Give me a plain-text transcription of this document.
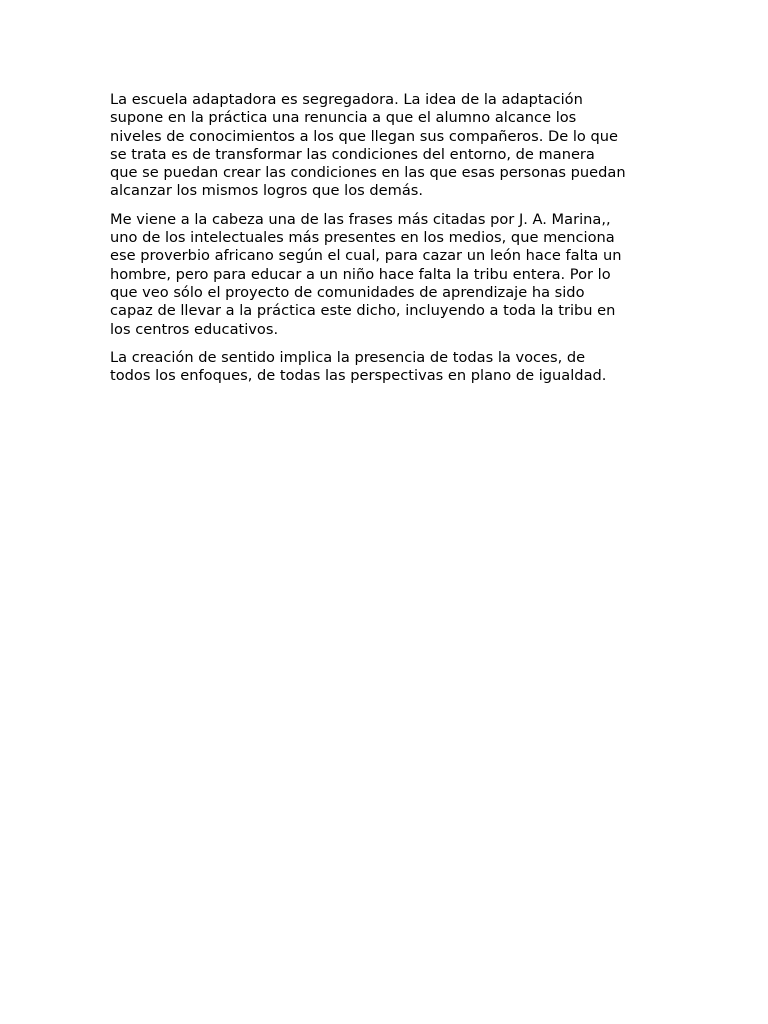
La escuela adaptadora es segregadora. La idea de la adaptación
supone en la práctica una renuncia a que el alumno alcance los
niveles de conocimientos a los que llegan sus compañeros. De lo que
se trata es de transformar las condiciones del entorno, de manera
que se puedan crear las condiciones en las que esas personas puedan
alcanzar los mismos logros que los demás.

Me viene a la cabeza una de las frases más citadas por J. A. Marina,,
uno de los intelectuales más presentes en los medios, que menciona
ese proverbio africano según el cual, para cazar un león hace falta un
hombre, pero para educar a un niño hace falta la tribu entera. Por lo
que veo sólo el proyecto de comunidades de aprendizaje ha sido
capaz de llevar a la práctica este dicho, incluyendo a toda la tribu en
los centros educativos.

La creación de sentido implica la presencia de todas la voces, de
todos los enfoques, de todas las perspectivas en plano de igualdad.
